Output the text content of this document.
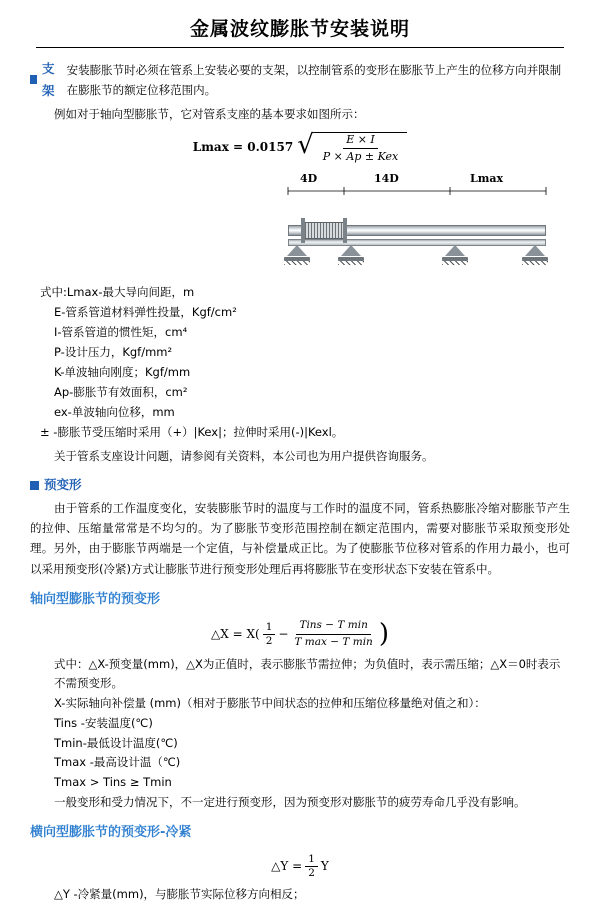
金属波纹膨胀节安装说明
支架
安装膨胀节时必须在管系上安装必要的支架，以控制管系的变形在膨胀节上产生的位移方向并限制在膨胀节的额定位移范围内。

例如对于轴向型膨胀节，它对管系支座的基本要求如图所示：

Lmax = 0.0157 √ $\frac{E \times I}{\text{P × Ap ± Kex}}$
4D	14D	Lmax

式中:Lmax-最大导向间距，m

E-管系管道材料弹性投量，Kgf/cm²

I-管系管道的惯性矩，cm⁴

P-设计压力，Kgf/mm²

K-单波轴向刚度；Kgf/mm

Ap-膨胀节有效面积，cm²

ex-单波轴向位移，mm

± -膨胀节受压缩时采用（+）|Kex|；拉伸时采用(-)|Kexl。

关于管系支座设计问题，请参阅有关资料，本公司也为用户提供咨询服务。

预变形

由于管系的工作温度变化，安装膨胀节时的温度与工作时的温度不同，管系热膨胀冷缩对膨胀节产生的拉伸、压缩量常常是不均匀的。为了膨胀节变形范围控制在额定范围内，需要对膨胀节采取预变形处理。另外，由于膨胀节两端是一个定值，与补偿量成正比。为了使膨胀节位移对管系的作用力最小，也可以采用预变形(冷紧)方式让膨胀节进行预变形处理后再将膨胀节在变形状态下安装在管系中。

轴向型膨胀节的预变形
△X = $X( \frac{1}{2} - \frac{\text{Tins − T min}}{\text{T max − T min}}$ )

式中：△X-预变量(mm)，△X为正值时，表示膨胀节需拉伸；为负值时，表示需压缩；△X＝0时表示不需预变形。

X-实际轴向补偿量 (mm)（相对于膨胀节中间状态的拉伸和压缩位移量绝对值之和）：

Tins -安装温度(℃)

Tmin-最低设计温度(℃)

Tmax -最高设计温（℃)

Tmax > Tins ≥ Tmin

一般变形和受力情况下，不一定进行预变形，因为预变形对膨胀节的疲劳寿命几乎没有影响。

横向型膨胀节的预变形-冷紧
△Y = $\frac{1}{2}$ Y

△Y -冷紧量(mm)，与膨胀节实际位移方向相反；
